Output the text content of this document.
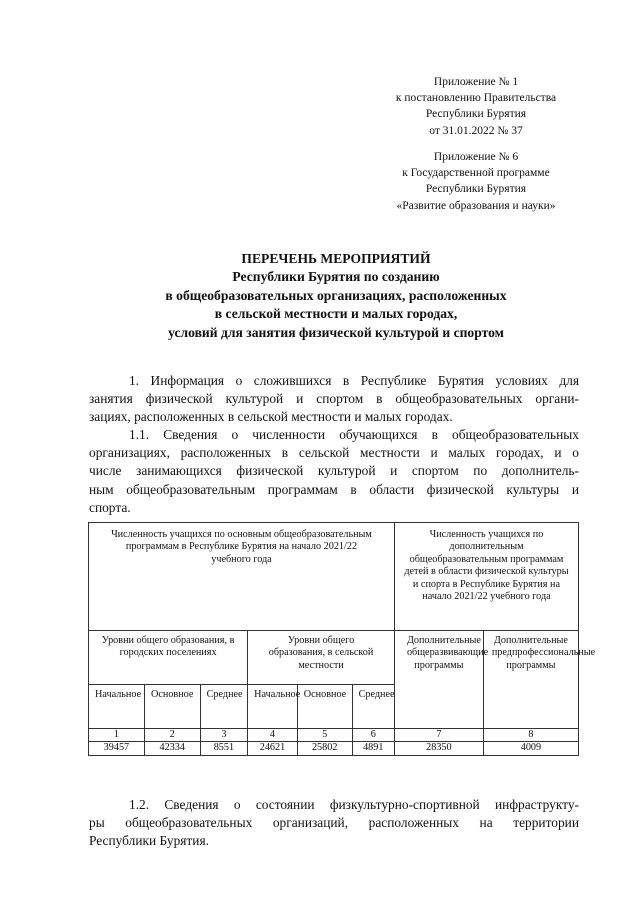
Приложение № 1
к постановлению Правительства
Республики Бурятия
от 31.01.2022 № 37
Приложение № 6
к Государственной программе
Республики Бурятия
«Развитие образования и науки»
ПЕРЕЧЕНЬ МЕРОПРИЯТИЙ
Республики Бурятия по созданию
в общеобразовательных организациях, расположенных
в сельской местности и малых городах,
условий для занятия физической культурой и спортом
1. Информация о сложившихся в Республике Бурятия условиях для
занятия физической культурой и спортом в общеобразовательных органи-
зациях, расположенных в сельской местности и малых городах.
1.1. Сведения о численности обучающихся в общеобразовательных
организациях, расположенных в сельской местности и малых городах, и о
числе занимающихся физической культурой и спортом по дополнитель-
ным общеобразовательным программам в области физической культуры и
спорта.
Численность учащихся по основным общеобразовательным программам в Республике Бурятия на начало 2021/22 учебного года						Численность учащихся по дополнительным общеобразовательным программам детей в области физической культуры и спорта в Республике Бурятия на начало 2021/22 учебного года	
Уровни общего образования, в городских поселениях			Уровни общего образования, в сельской местности			Дополнительные общеразвивающие программы	Дополнительные предпрофессиональные программы
Начальное	Основное	Среднее	Начальное	Основное	Среднее		
1	2	3	4	5	6	7	8
39457	42334	8551	24621	25802	4891	28350	4009
1.2. Сведения о состоянии физкультурно-спортивной инфраструкту-
ры общеобразовательных организаций, расположенных на территории
Республики Бурятия.
